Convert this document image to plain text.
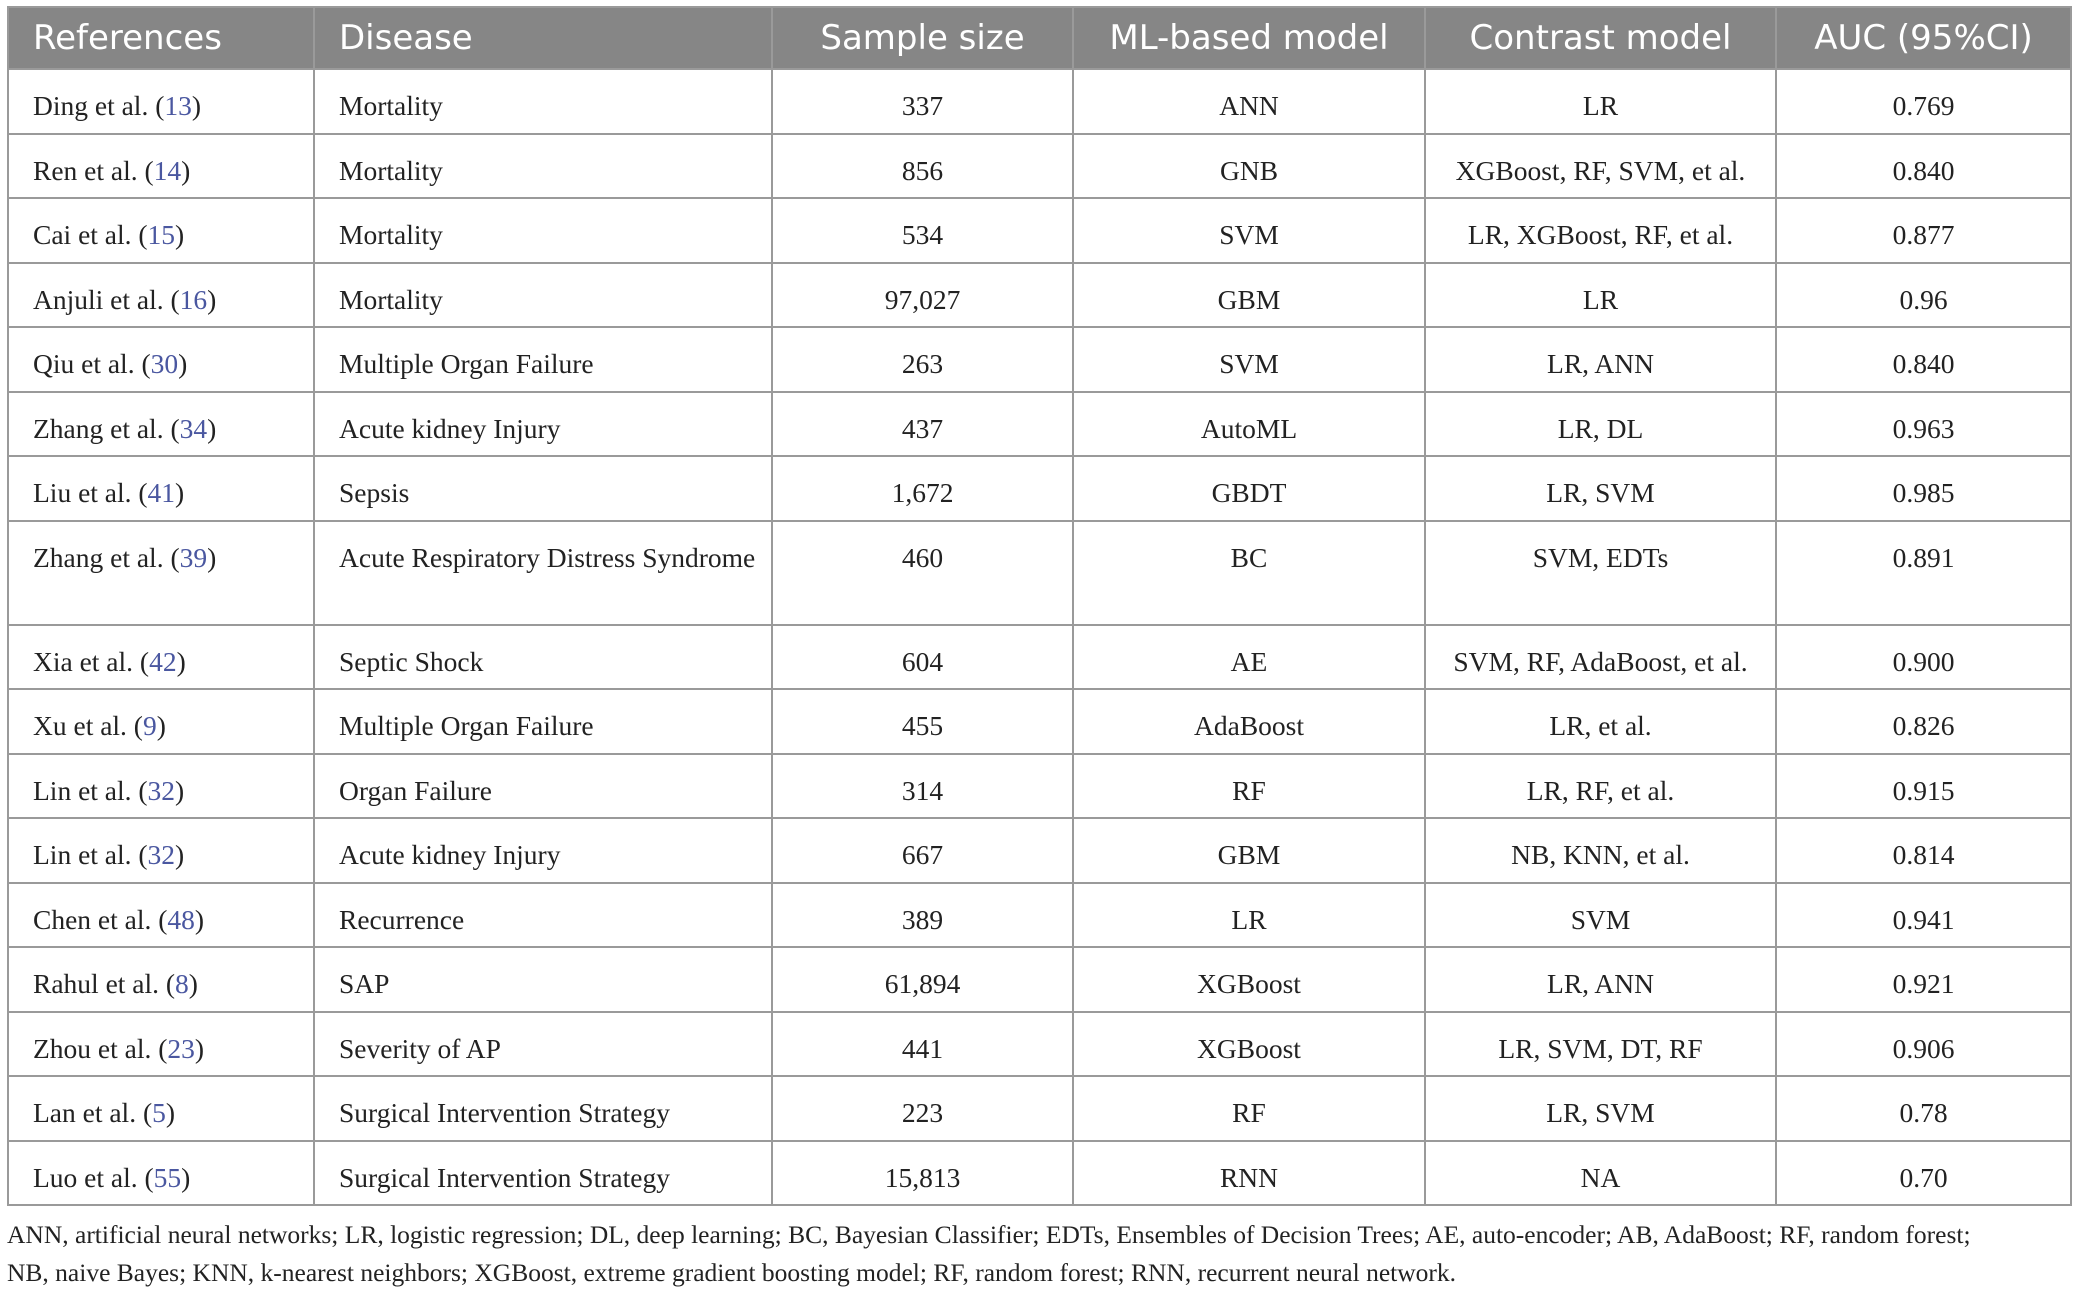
References	Disease	Sample size	ML-based model	Contrast model	AUC (95%CI)
Ding et al. (13)	Mortality	337	ANN	LR	0.769
Ren et al. (14)	Mortality	856	GNB	XGBoost, RF, SVM, et al.	0.840
Cai et al. (15)	Mortality	534	SVM	LR, XGBoost, RF, et al.	0.877
Anjuli et al. (16)	Mortality	97,027	GBM	LR	0.96
Qiu et al. (30)	Multiple Organ Failure	263	SVM	LR, ANN	0.840
Zhang et al. (34)	Acute kidney Injury	437	AutoML	LR, DL	0.963
Liu et al. (41)	Sepsis	1,672	GBDT	LR, SVM	0.985
Zhang et al. (39)	Acute Respiratory Distress Syndrome	460	BC	SVM, EDTs	0.891
Xia et al. (42)	Septic Shock	604	AE	SVM, RF, AdaBoost, et al.	0.900
Xu et al. (9)	Multiple Organ Failure	455	AdaBoost	LR, et al.	0.826
Lin et al. (32)	Organ Failure	314	RF	LR, RF, et al.	0.915
Lin et al. (32)	Acute kidney Injury	667	GBM	NB, KNN, et al.	0.814
Chen et al. (48)	Recurrence	389	LR	SVM	0.941
Rahul et al. (8)	SAP	61,894	XGBoost	LR, ANN	0.921
Zhou et al. (23)	Severity of AP	441	XGBoost	LR, SVM, DT, RF	0.906
Lan et al. (5)	Surgical Intervention Strategy	223	RF	LR, SVM	0.78
Luo et al. (55)	Surgical Intervention Strategy	15,813	RNN	NA	0.70
ANN, artificial neural networks; LR, logistic regression; DL, deep learning; BC, Bayesian Classifier; EDTs, Ensembles of Decision Trees; AE, auto-encoder; AB, AdaBoost; RF, random forest;
NB, naive Bayes; KNN, k-nearest neighbors; XGBoost, extreme gradient boosting model; RF, random forest; RNN, recurrent neural network.
